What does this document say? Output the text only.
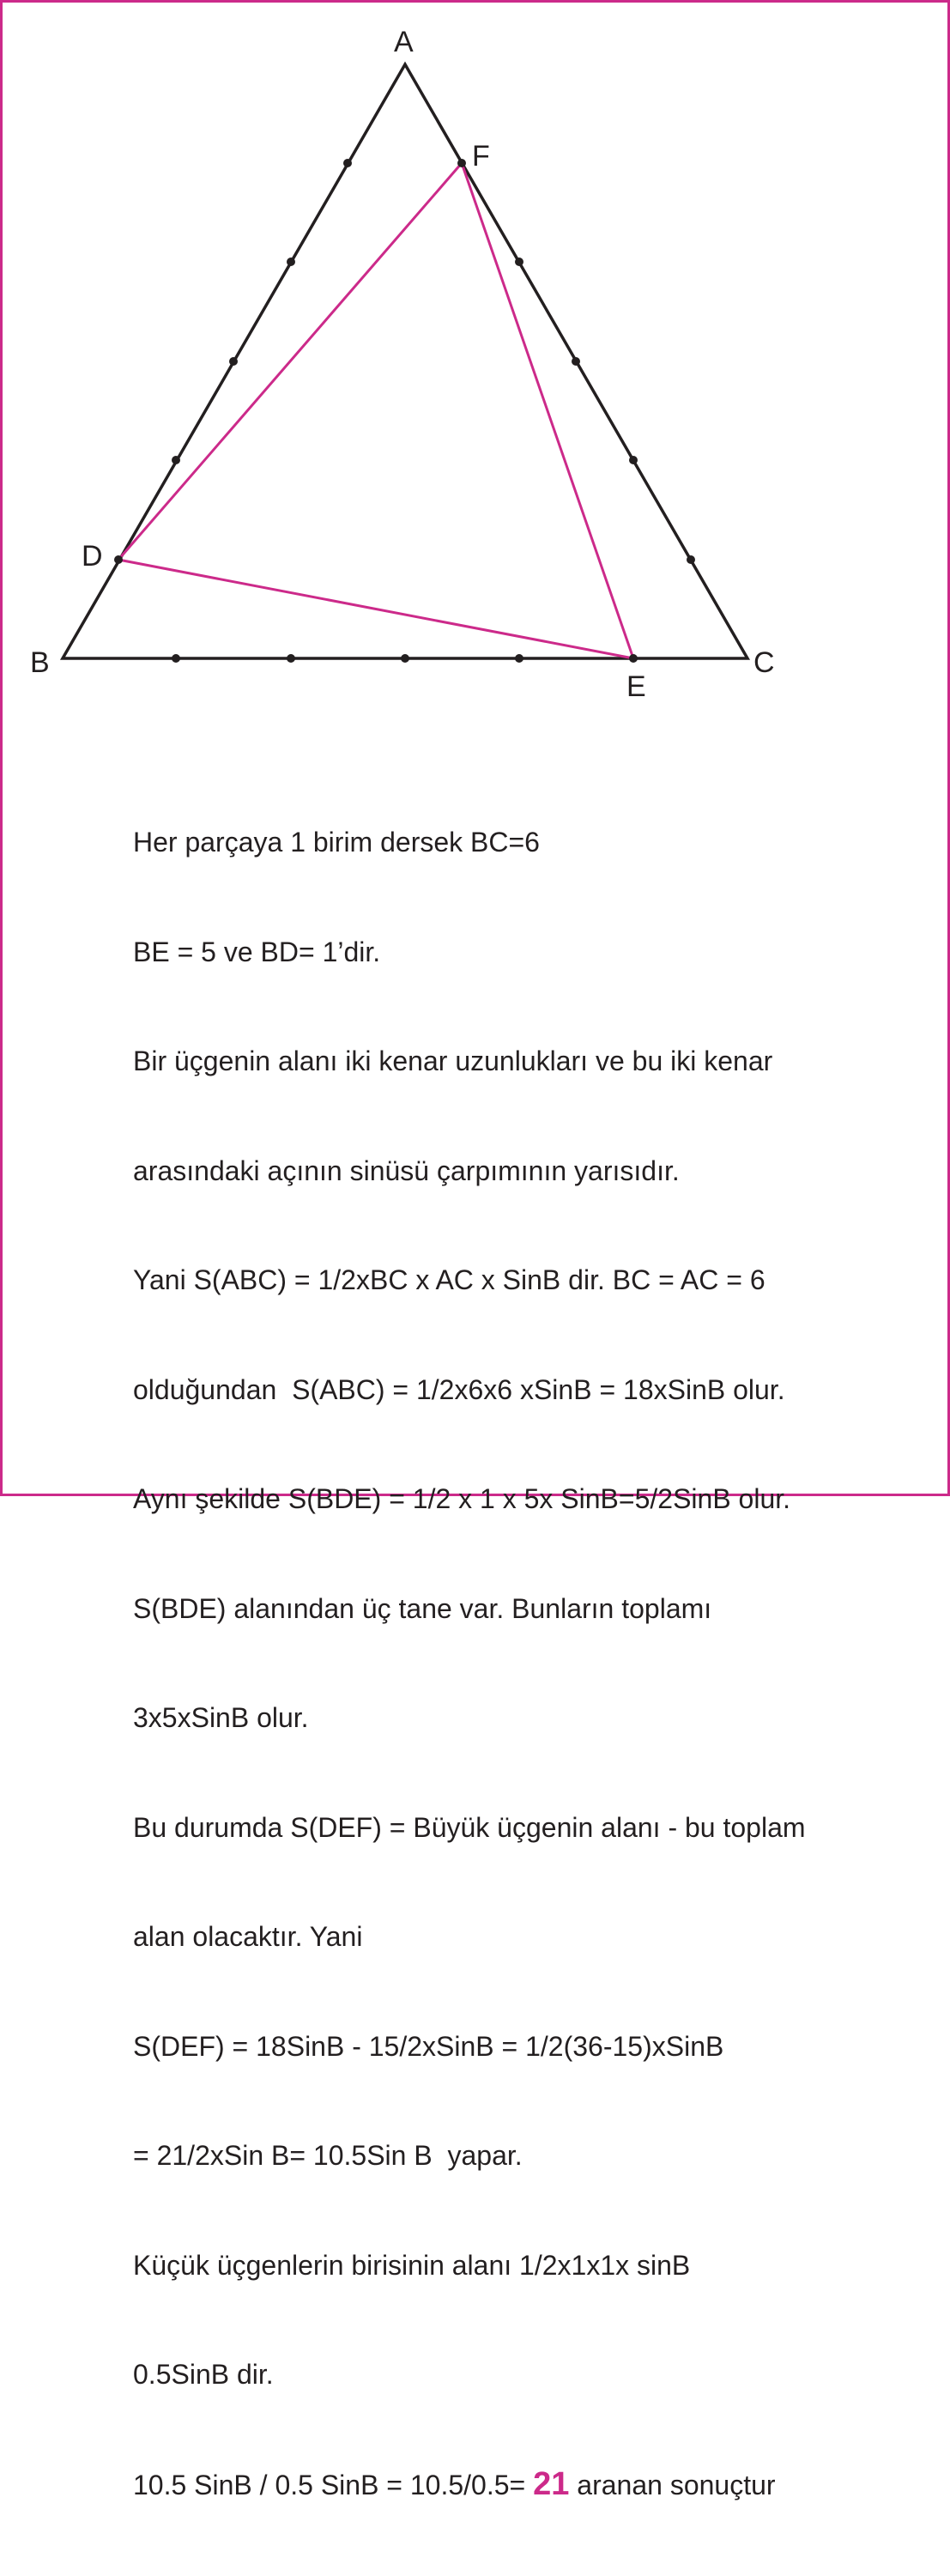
A
B	C
D
E
F

Her parçaya 1 birim dersek BC=6

BE = 5 ve BD= 1’dir.

Bir üçgenin alanı iki kenar uzunlukları ve bu iki kenar

arasındaki açının sinüsü çarpımının yarısıdır.

Yani S(ABC) = 1/2xBC x AC x SinB dir. BC = AC = 6

olduğundan  S(ABC) = 1/2x6x6 xSinB = 18xSinB olur.

Aynı şekilde S(BDE) = 1/2 x 1 x 5x SinB=5/2SinB olur.

S(BDE) alanından üç tane var. Bunların toplamı

3x5xSinB olur.

Bu durumda S(DEF) = Büyük üçgenin alanı - bu toplam

alan olacaktır. Yani

S(DEF) = 18SinB - 15/2xSinB = 1/2(36-15)xSinB

= 21/2xSin B= 10.5Sin B  yapar.

Küçük üçgenlerin birisinin alanı 1/2x1x1x sinB

0.5SinB dir.

10.5 SinB / 0.5 SinB = 10.5/0.5= 21 aranan sonuçtur
